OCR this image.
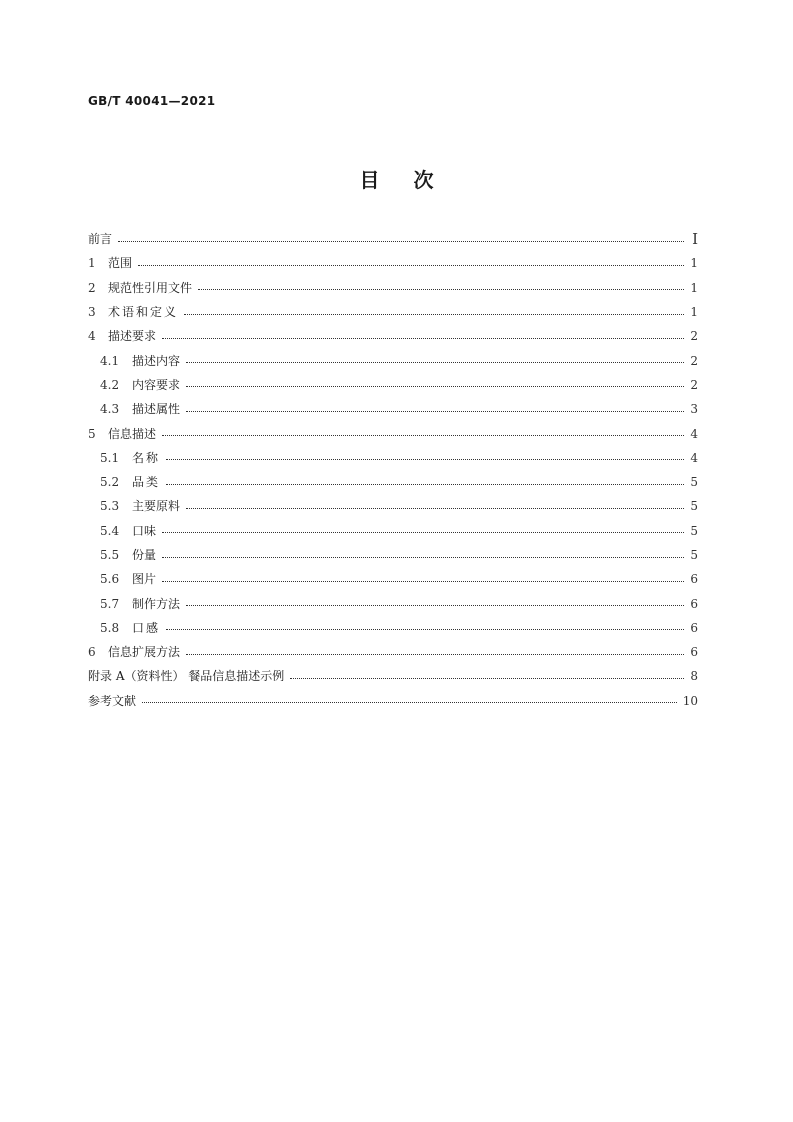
GB/T 40041—2021
目次
前言	I
1 范围	1
2 规范性引用文件	1
3 术语和定义	1
4 描述要求	2
4.1 描述内容	2
4.2 内容要求	2
4.3 描述属性	3
5 信息描述	4
5.1 名称	4
5.2 品类	5
5.3 主要原料	5
5.4 口味	5
5.5 份量	5
5.6 图片	6
5.7 制作方法	6
5.8 口感	6
6 信息扩展方法	6
附录 A（资料性） 餐品信息描述示例	8
参考文献	10
